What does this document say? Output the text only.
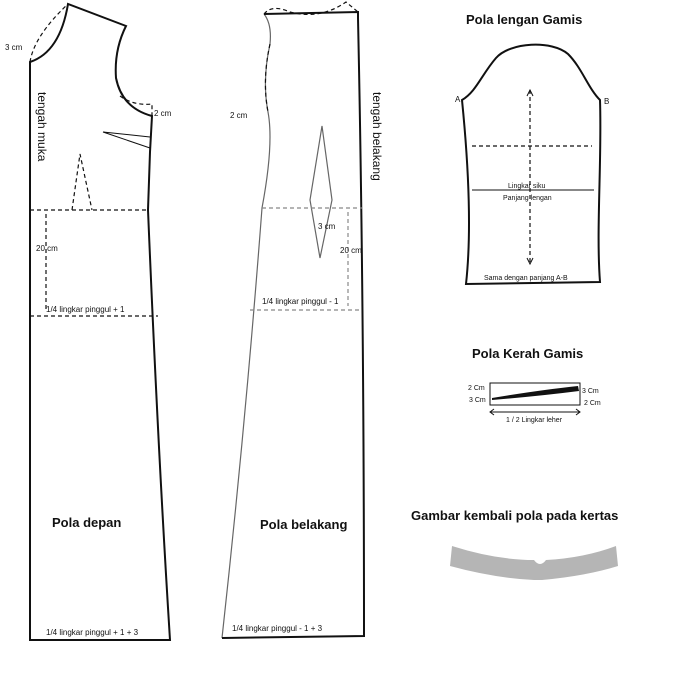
3 cm
2 cm
tengah muka
20 cm
1/4 lingkar pinggul + 1
Pola depan
1/4 lingkar pinggul + 1 + 3
2 cm	tengah belakang
3 cm
20 cm
1/4 lingkar pinggul - 1
Pola belakang
1/4 lingkar pinggul - 1 + 3
Pola lengan Gamis
A	B
Lingkar siku
Panjang lengan
Sama dengan panjang A-B
Pola Kerah Gamis
2 Cm
3 Cm
3 Cm
2 Cm
1 / 2 Lingkar leher
Gambar kembali pola pada kertas
